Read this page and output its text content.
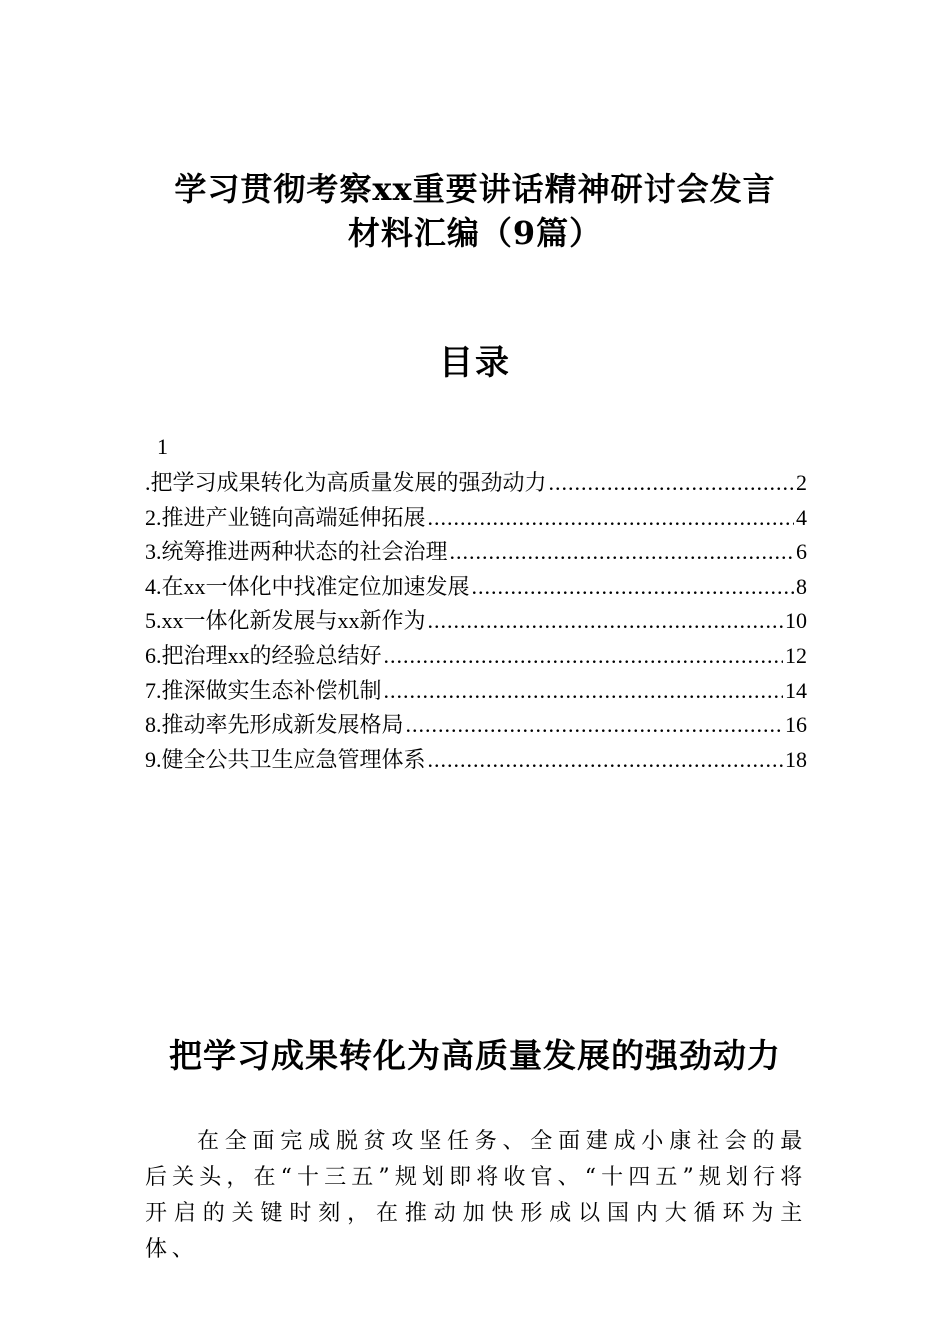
学习贯彻考察xx重要讲话精神研讨会发言
材料汇编（9篇）
目录
1
.把学习成果转化为高质量发展的强劲动力 .....	2
2.推进产业链向高端延伸拓展 .....	4
3.统筹推进两种状态的社会治理 .....	6
4.在xx一体化中找准定位加速发展 .....	8
5.xx一体化新发展与xx新作为 .....	10
6.把治理xx的经验总结好 .....	12
7.推深做实生态补偿机制 .....	14
8.推动率先形成新发展格局 .....	16
9.健全公共卫生应急管理体系 .....	18
把学习成果转化为高质量发展的强劲动力

在全面完成脱贫攻坚任务、全面建成小康社会的最后关头，在“十三五”规划即将收官、“十四五”规划行将开启的关键时刻，在推动加快形成以国内大循环为主体、
